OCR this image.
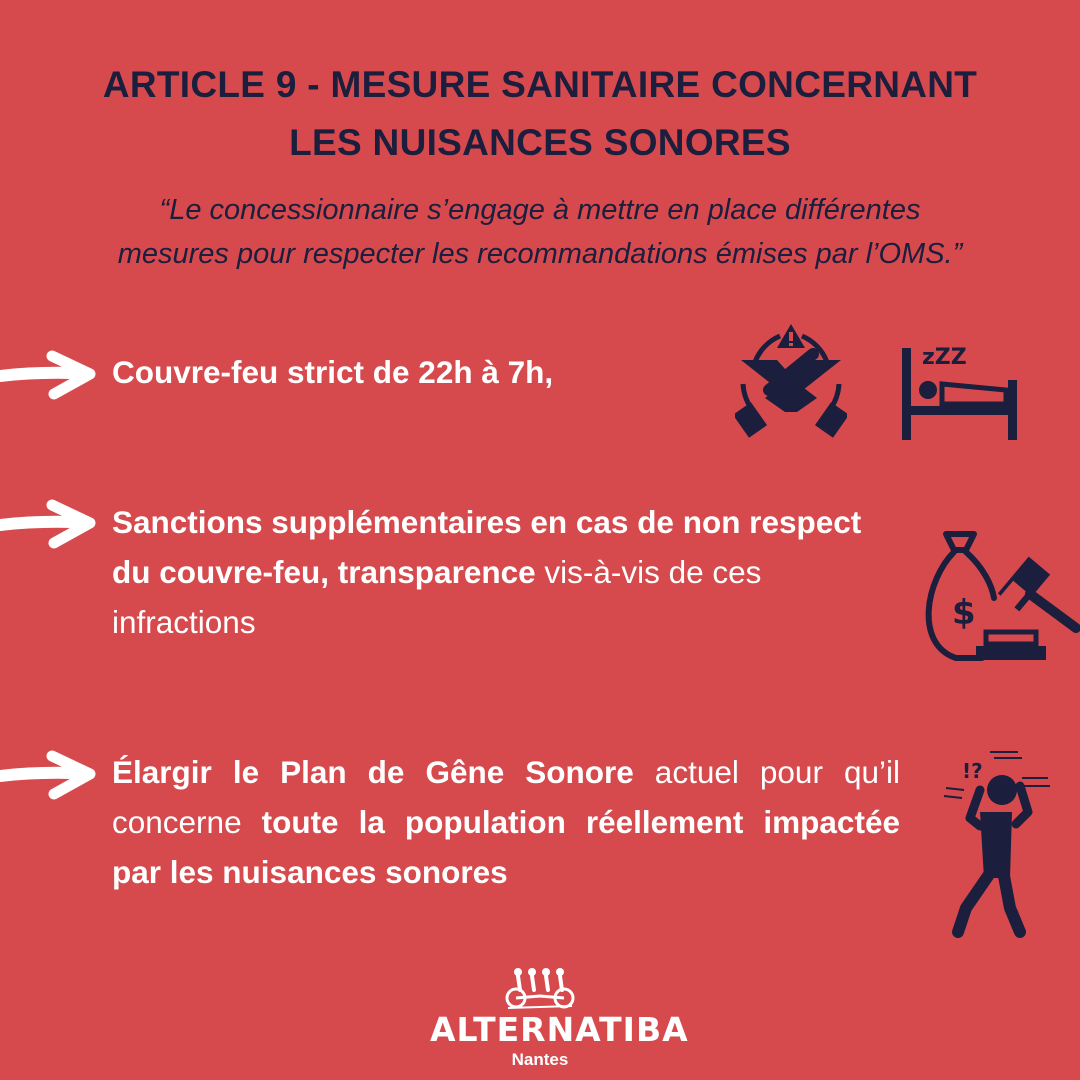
ARTICLE 9 - MESURE SANITAIRE CONCERNANT
LES NUISANCES SONORES
“Le concessionnaire s’engage à mettre en place différentes
mesures pour respecter les recommandations émises par l’OMS.”
Couvre-feu strict de 22h à 7h,	zZZ
Sanctions supplémentaires en cas de non respect du couvre-feu, transparence vis-à-vis de ces infractions	$
Élargir le Plan de Gêne Sonore actuel pour qu’il concerne toute la population réellement impactée par les nuisances sonores
!?
ALTERNATIBA
Nantes
